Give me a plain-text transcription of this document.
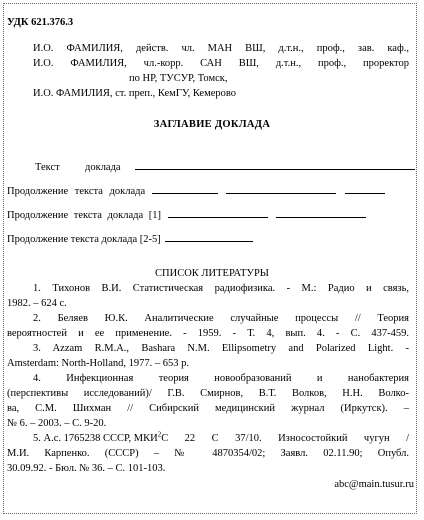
УДК 621.376.3
И.О. ФАМИЛИЯ, действ. чл. МАН ВШ, д.т.н., проф., зав. каф.,
И.О. ФАМИЛИЯ, чл.-корр. САН ВШ, д.т.н., проф., проректор
по НР, ТУСУР, Томск,
И.О. ФАМИЛИЯ, ст. преп., КемГУ, Кемерово
ЗАГЛАВИЕ ДОКЛАДА
Текст доклада
Продолжение текста доклада
Продолжение текста доклада [1]
Продолжение текста доклада [2-5]
СПИСОК ЛИТЕРАТУРЫ
1. Тихонов В.И. Статистическая радиофизика. - М.: Радио и связь,
1982. – 624 с.
2. Беляев Ю.К. Аналитические случайные процессы // Теория
вероятностей и ее применение. - 1959. - Т. 4, вып. 4. - С. 437-459.
3. Azzam R.M.A., Bashara N.M. Ellipsometry and Polarized Light. -
Amsterdam: North-Holland, 1977. – 653 р.
4. Инфекционная теория новообразований и нанобактерия
(перспективы исследований)/ Г.В. Смирнов, В.Т. Волков, Н.Н. Волко-
ва, С.М. Шихман // Сибирский медицинский журнал (Иркутск). –
№ 6. – 2003. – С. 9-20.
5. А.с. 1765238 СССР, МКИ$^2$ С 22 С 37/10. Износостойкий чугун /
М.И. Карпенко. (СССР) – № 4870354/02; Заявл. 02.11.90; Опубл.
30.09.92. - Бюл. № 36. – С. 101-103.
abc@main.tusur.ru
